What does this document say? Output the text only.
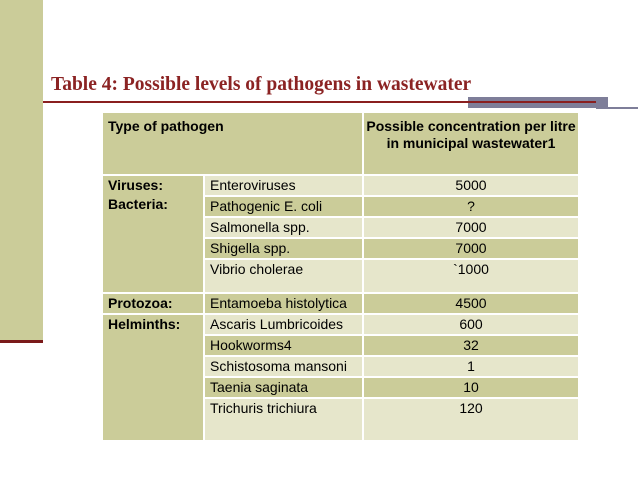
Table 4: Possible levels of pathogens in wastewater
Type of pathogen		Possible concentration per litre in municipal wastewater1
Viruses:	Enteroviruses	5000
Bacteria:	Pathogenic E. coli	?
	Salmonella spp.	7000
	Shigella spp.	7000
	Vibrio cholerae	`1000

Protozoa:	Entamoeba histolytica	4500
Helminths:	Ascaris Lumbricoides	600
	Hookworms4	32
	Schistosoma mansoni	1
	Taenia saginata	10
	Trichuris trichiura	120
